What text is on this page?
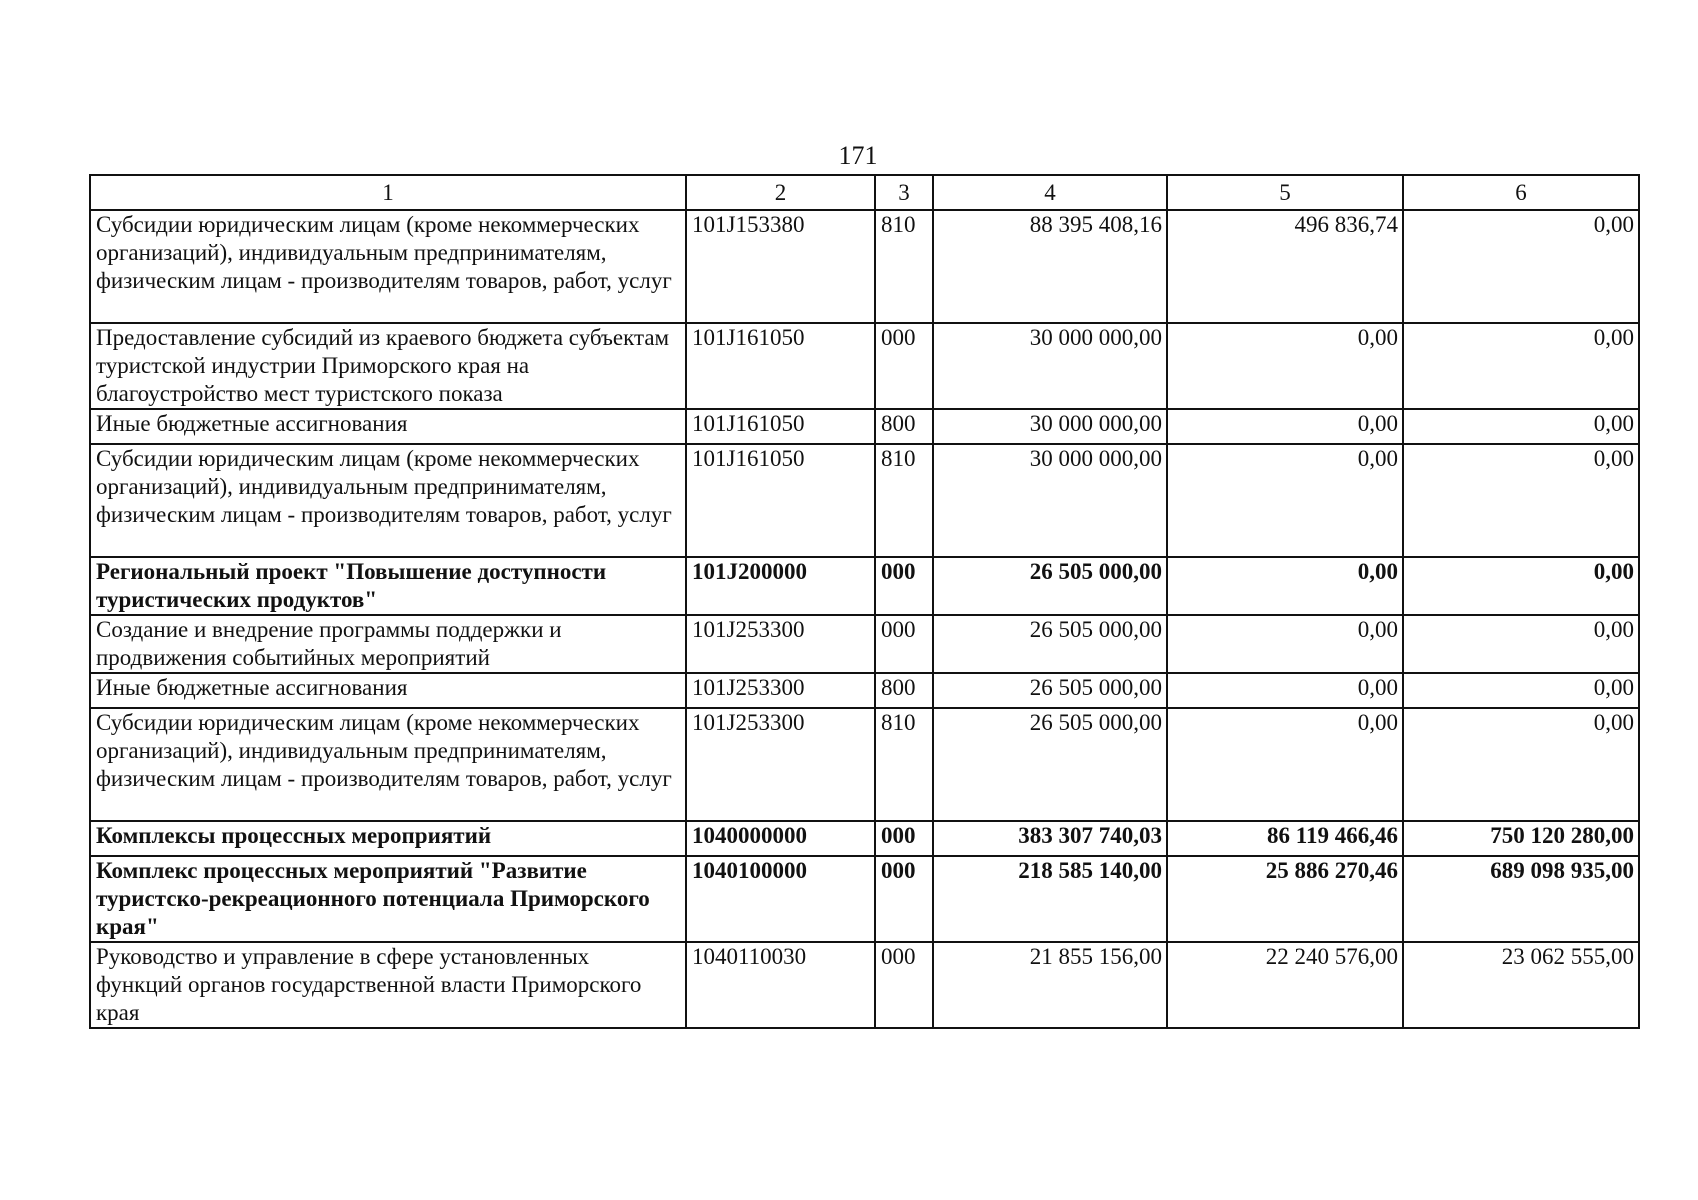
171
1	2	3	4	5	6
Субсидии юридическим лицам (кроме некоммерческих организаций), индивидуальным предпринимателям, физическим лицам - производителям товаров, работ, услуг	101J153380	810	88 395 408,16	496 836,74	0,00
Предоставление субсидий из краевого бюджета субъектам туристской индустрии Приморского края на благоустройство мест туристского показа	101J161050	000	30 000 000,00	0,00	0,00
Иные бюджетные ассигнования	101J161050	800	30 000 000,00	0,00	0,00
Субсидии юридическим лицам (кроме некоммерческих организаций), индивидуальным предпринимателям, физическим лицам - производителям товаров, работ, услуг	101J161050	810	30 000 000,00	0,00	0,00
Региональный проект "Повышение доступности туристических продуктов"	101J200000	000	26 505 000,00	0,00	0,00
Создание и внедрение программы поддержки и продвижения событийных мероприятий	101J253300	000	26 505 000,00	0,00	0,00
Иные бюджетные ассигнования	101J253300	800	26 505 000,00	0,00	0,00
Субсидии юридическим лицам (кроме некоммерческих организаций), индивидуальным предпринимателям, физическим лицам - производителям товаров, работ, услуг	101J253300	810	26 505 000,00	0,00	0,00
Комплексы процессных мероприятий	1040000000	000	383 307 740,03	86 119 466,46	750 120 280,00
Комплекс процессных мероприятий "Развитие туристско-рекреационного потенциала Приморского края"	1040100000	000	218 585 140,00	25 886 270,46	689 098 935,00
Руководство и управление в сфере установленных функций органов государственной власти Приморского края	1040110030	000	21 855 156,00	22 240 576,00	23 062 555,00
